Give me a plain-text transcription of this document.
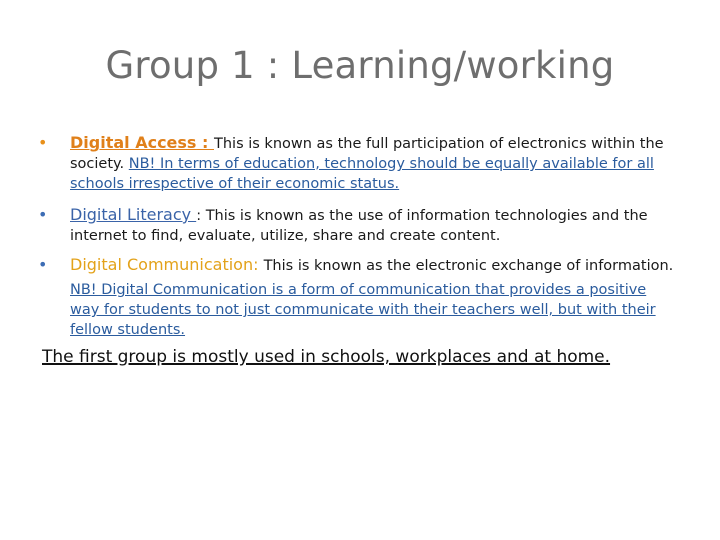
Group 1 : Learning/working
• Digital Access : This is known as the full participation of electronics within the society. NB! In terms of education, technology should be equally available for all schools irrespective of their economic status.
• Digital Literacy : This is known as the use of information technologies and the internet to find, evaluate, utilize, share and create content.
• Digital Communication: This is known as the electronic exchange of information.
NB! Digital Communication is a form of communication that provides a positive way for students to not just communicate with their teachers well, but with their fellow students.
The first group is mostly used in schools, workplaces and at home.
